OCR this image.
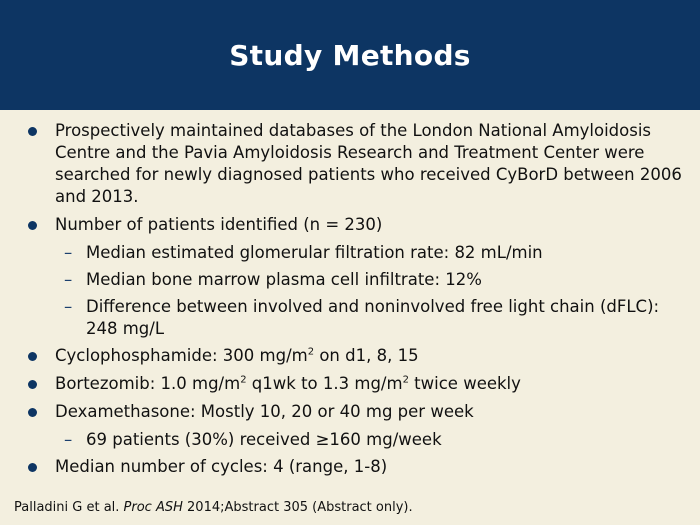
Study Methods
Prospectively maintained databases of the London National Amyloidosis Centre and the Pavia Amyloidosis Research and Treatment Center were searched for newly diagnosed patients who received CyBorD between 2006 and 2013.
Number of patients identified (n = 230)
– Median estimated glomerular filtration rate: 82 mL/min
– Median bone marrow plasma cell infiltrate: 12%
– Difference between involved and noninvolved free light chain (dFLC): 248 mg/L
Cyclophosphamide: 300 $mg/m^2$ on d1, 8, 15
Bortezomib: 1.0 $mg/m^2$ q1wk to 1.3 $mg/m^2$ twice weekly
Dexamethasone: Mostly 10, 20 or 40 mg per week
– 69 patients (30%) received ≥160 mg/week
Median number of cycles: 4 (range, 1-8)
Palladini G et al. Proc ASH 2014;Abstract 305 (Abstract only).
